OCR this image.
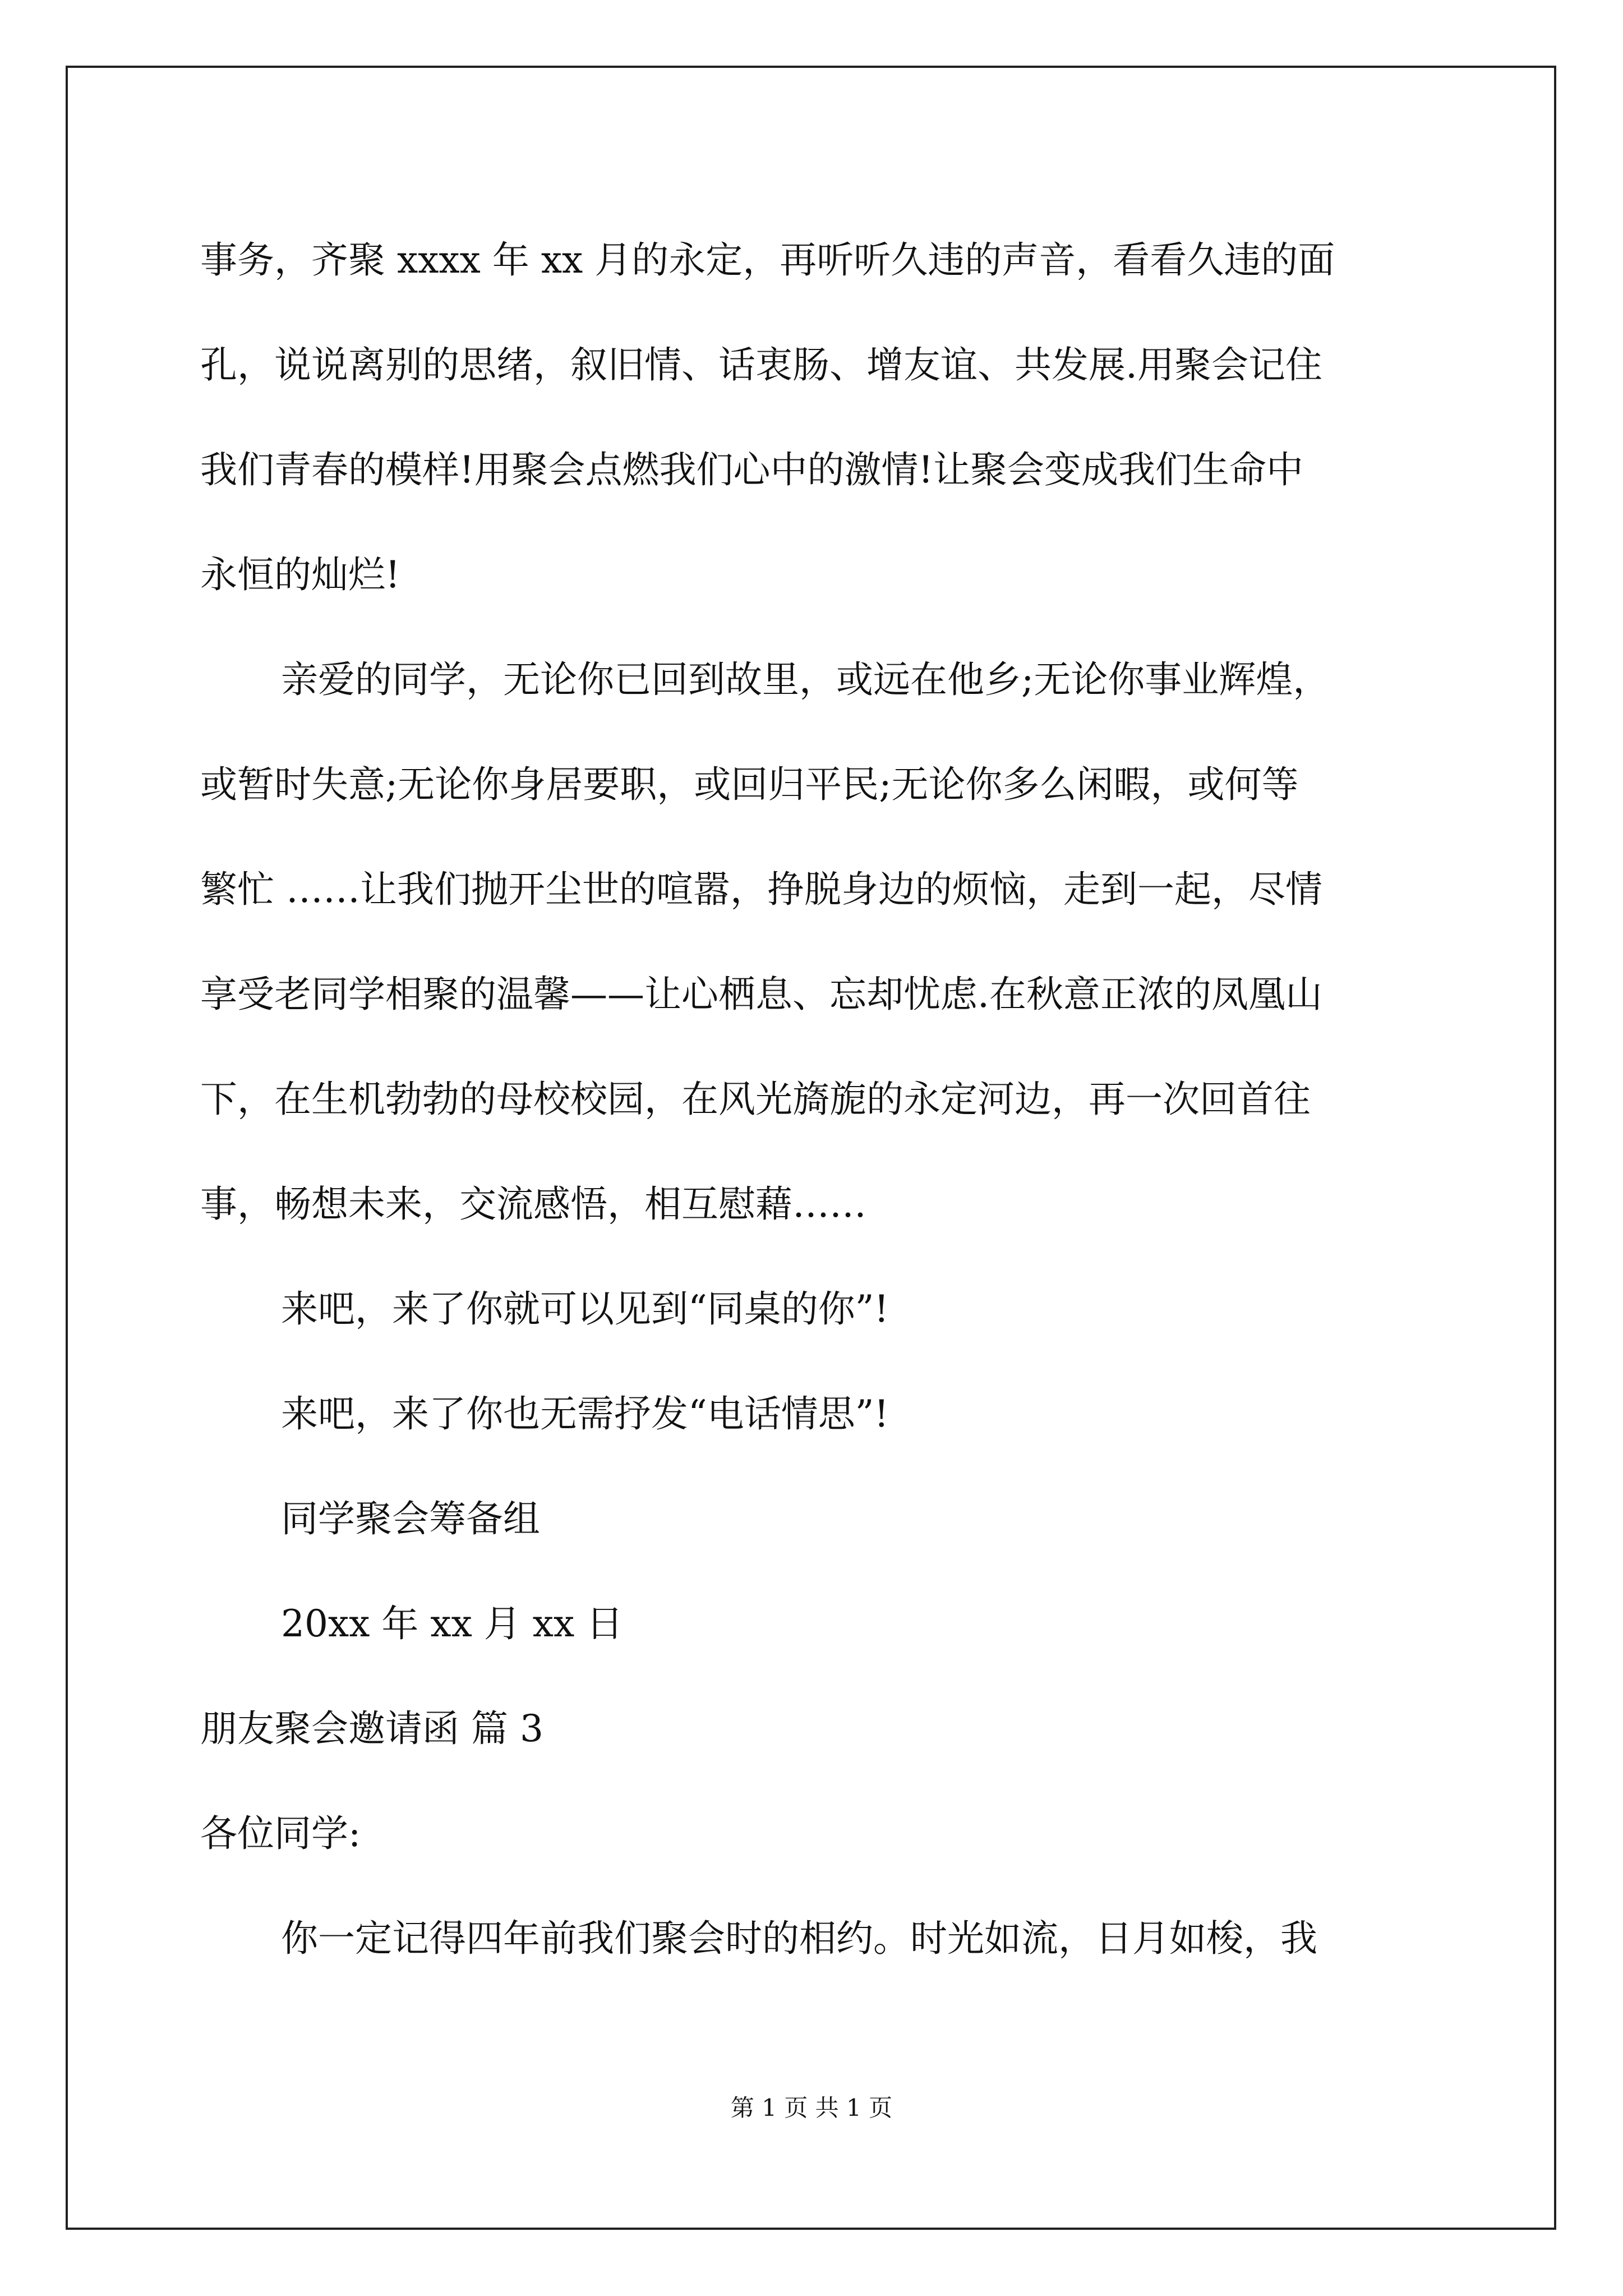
事务，齐聚 xxxx 年 xx 月的永定，再听听久违的声音，看看久违的面
孔，说说离别的思绪，叙旧情、话衷肠、增友谊、共发展.用聚会记住
我们青春的模样!用聚会点燃我们心中的激情!让聚会变成我们生命中
永恒的灿烂!

亲爱的同学，无论你已回到故里，或远在他乡;无论你事业辉煌，
或暂时失意;无论你身居要职，或回归平民;无论你多么闲暇，或何等
繁忙 ……让我们抛开尘世的喧嚣，挣脱身边的烦恼，走到一起，尽情
享受老同学相聚的温馨——让心栖息、忘却忧虑.在秋意正浓的凤凰山
下，在生机勃勃的母校校园，在风光旖旎的永定河边，再一次回首往
事，畅想未来，交流感悟，相互慰藉……

来吧，来了你就可以见到“同桌的你”!

来吧，来了你也无需抒发“电话情思”!

同学聚会筹备组

20xx 年 xx 月 xx 日

朋友聚会邀请函 篇 3

各位同学:

你一定记得四年前我们聚会时的相约。时光如流，日月如梭，我

第 1 页 共 1 页
